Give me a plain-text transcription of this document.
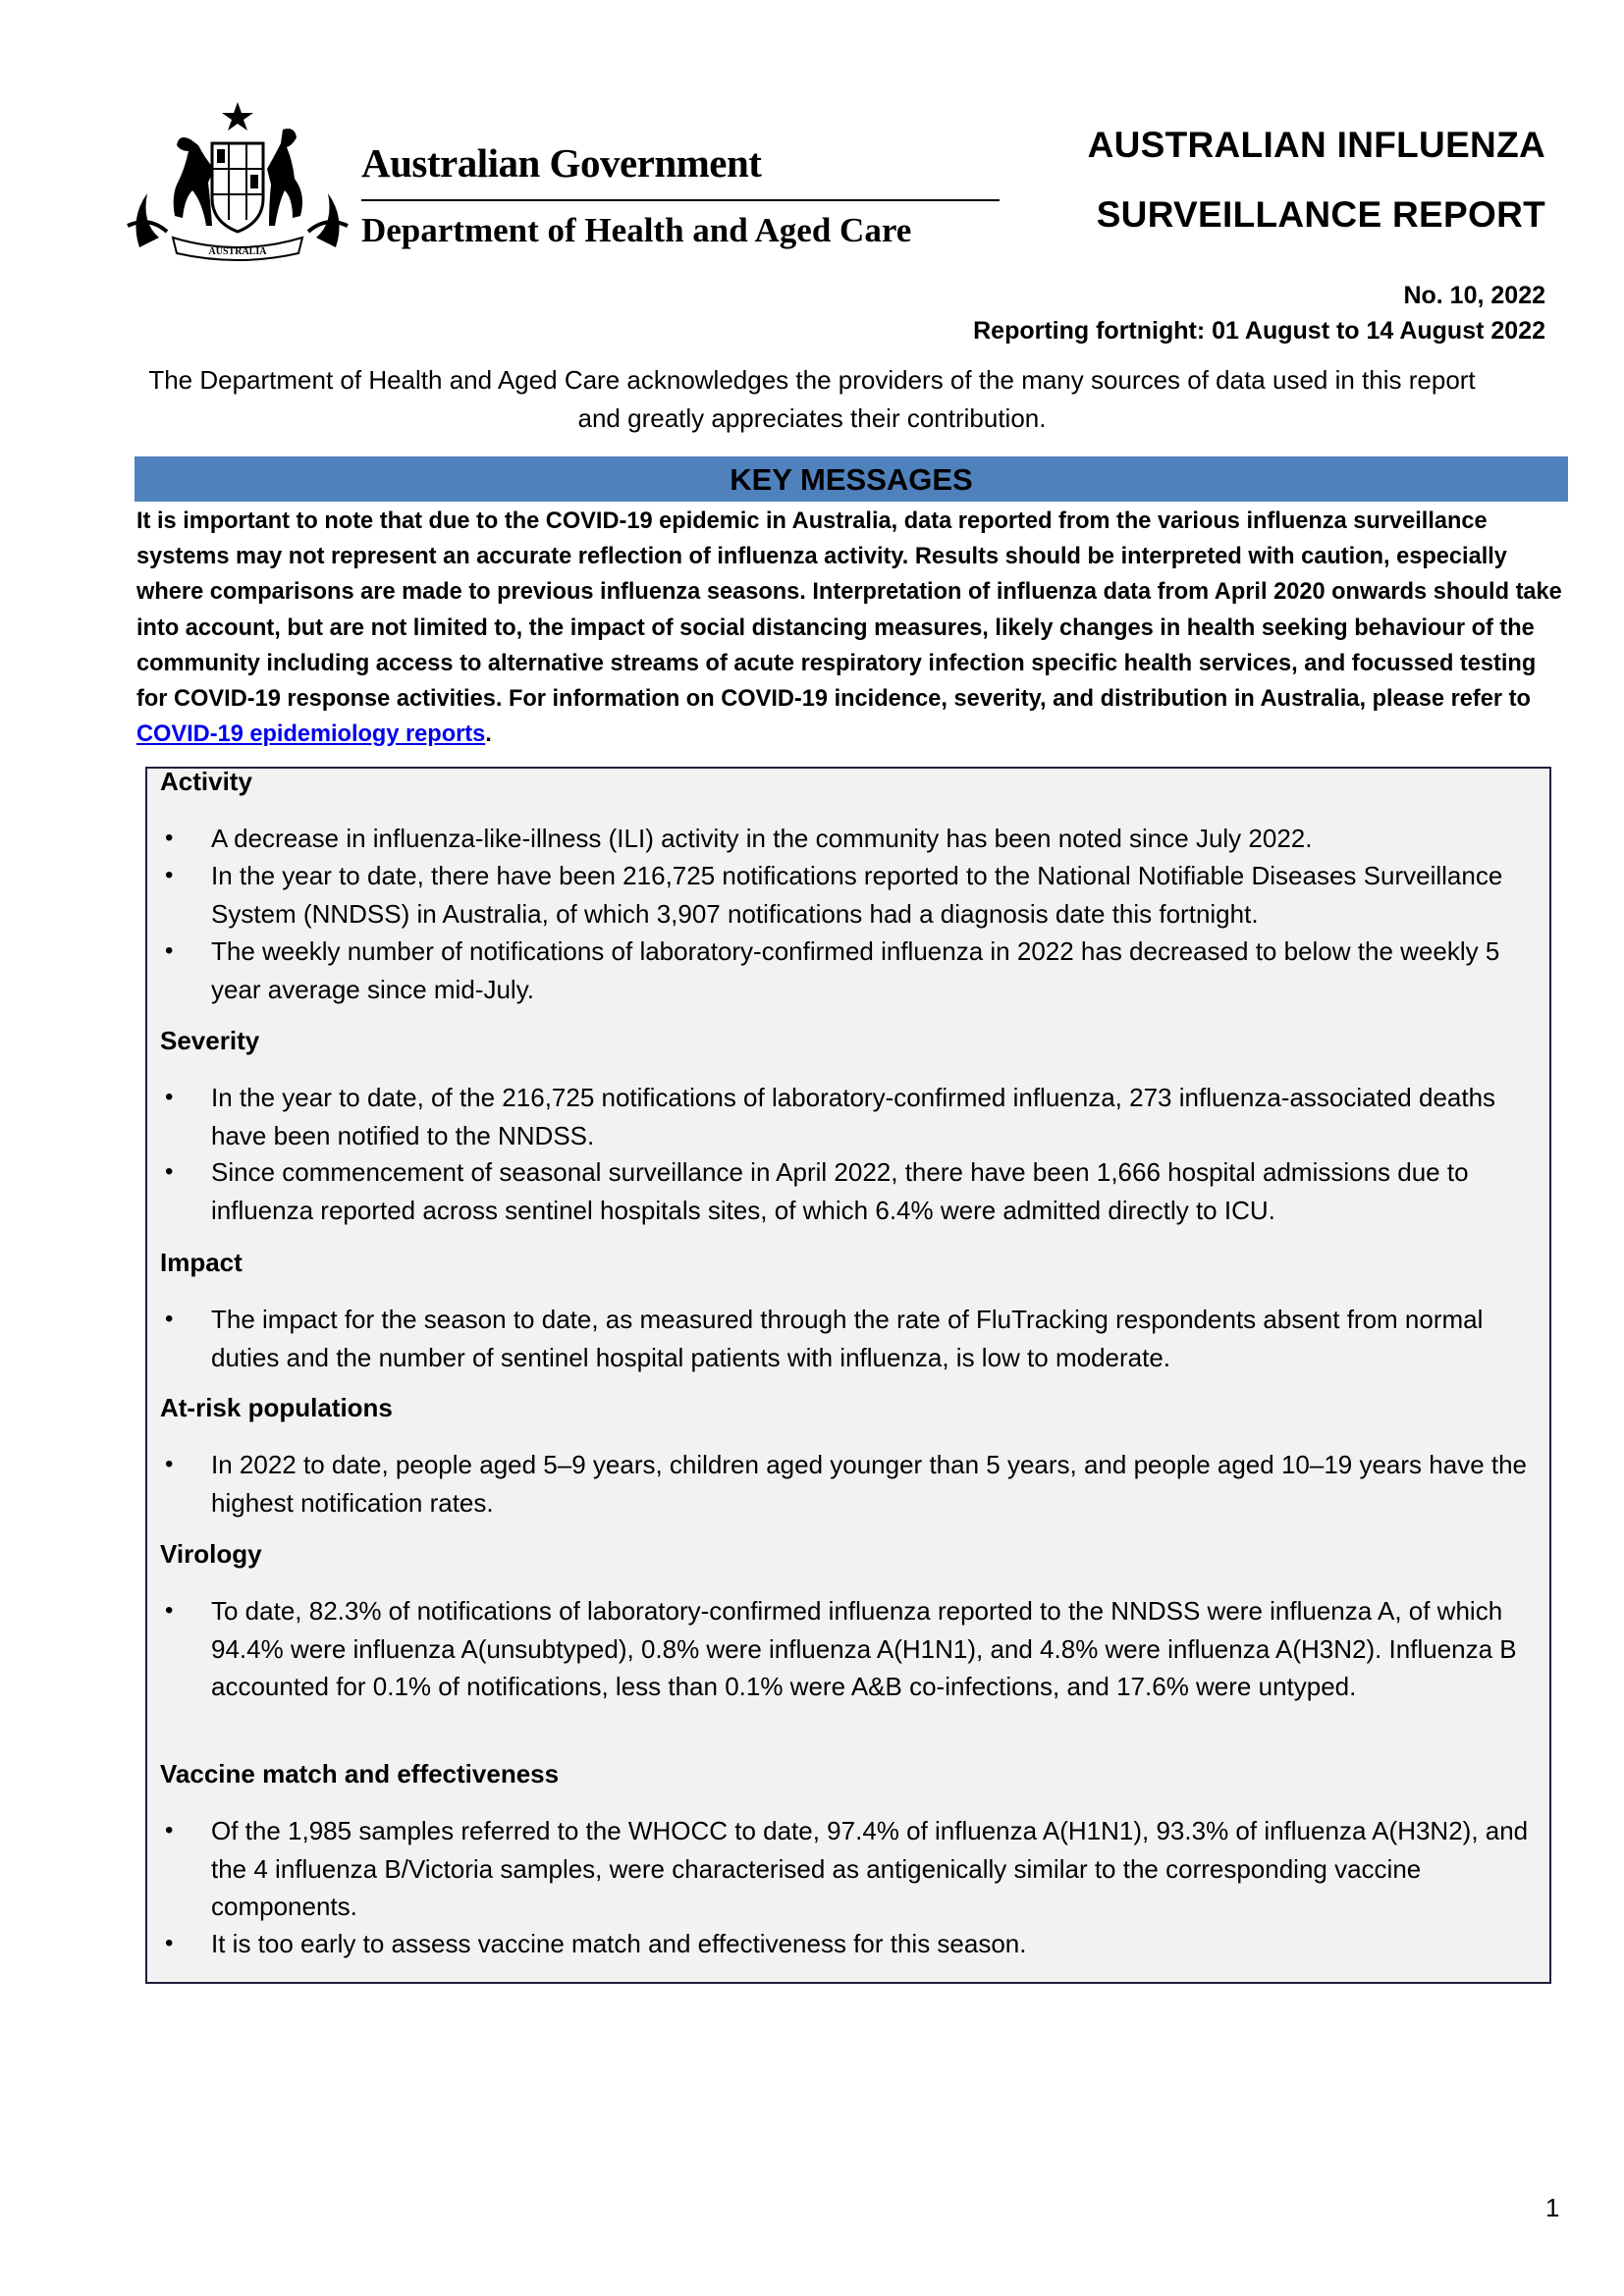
AUSTRALIA
Australian Government
Department of Health and Aged Care
AUSTRALIAN INFLUENZA
SURVEILLANCE REPORT
No. 10, 2022
Reporting fortnight: 01 August to 14 August 2022
The Department of Health and Aged Care acknowledges the providers of the many sources of data used in this report and greatly appreciates their contribution.
KEY MESSAGES
It is important to note that due to the COVID-19 epidemic in Australia, data reported from the various influenza surveillance systems may not represent an accurate reflection of influenza activity. Results should be interpreted with caution, especially where comparisons are made to previous influenza seasons. Interpretation of influenza data from April 2020 onwards should take into account, but are not limited to, the impact of social distancing measures, likely changes in health seeking behaviour of the community including access to alternative streams of acute respiratory infection specific health services, and focussed testing for COVID-19 response activities. For information on COVID-19 incidence, severity, and distribution in Australia, please refer to COVID-19 epidemiology reports.
Activity
• A decrease in influenza-like-illness (ILI) activity in the community has been noted since July 2022.
• In the year to date, there have been 216,725 notifications reported to the National Notifiable Diseases Surveillance System (NNDSS) in Australia, of which 3,907 notifications had a diagnosis date this fortnight.
• The weekly number of notifications of laboratory-confirmed influenza in 2022 has decreased to below the weekly 5 year average since mid-July.
Severity
• In the year to date, of the 216,725 notifications of laboratory-confirmed influenza, 273 influenza-associated deaths have been notified to the NNDSS.
• Since commencement of seasonal surveillance in April 2022, there have been 1,666 hospital admissions due to influenza reported across sentinel hospitals sites, of which 6.4% were admitted directly to ICU.
Impact
• The impact for the season to date, as measured through the rate of FluTracking respondents absent from normal duties and the number of sentinel hospital patients with influenza, is low to moderate.
At-risk populations
• In 2022 to date, people aged 5–9 years, children aged younger than 5 years, and people aged 10–19 years have the highest notification rates.
Virology
• To date, 82.3% of notifications of laboratory-confirmed influenza reported to the NNDSS were influenza A, of which 94.4% were influenza A(unsubtyped), 0.8% were influenza A(H1N1), and 4.8% were influenza A(H3N2). Influenza B accounted for 0.1% of notifications, less than 0.1% were A&B co-infections, and 17.6% were untyped.
Vaccine match and effectiveness
• Of the 1,985 samples referred to the WHOCC to date, 97.4% of influenza A(H1N1), 93.3% of influenza A(H3N2), and the 4 influenza B/Victoria samples, were characterised as antigenically similar to the corresponding vaccine components.
• It is too early to assess vaccine match and effectiveness for this season.
1
